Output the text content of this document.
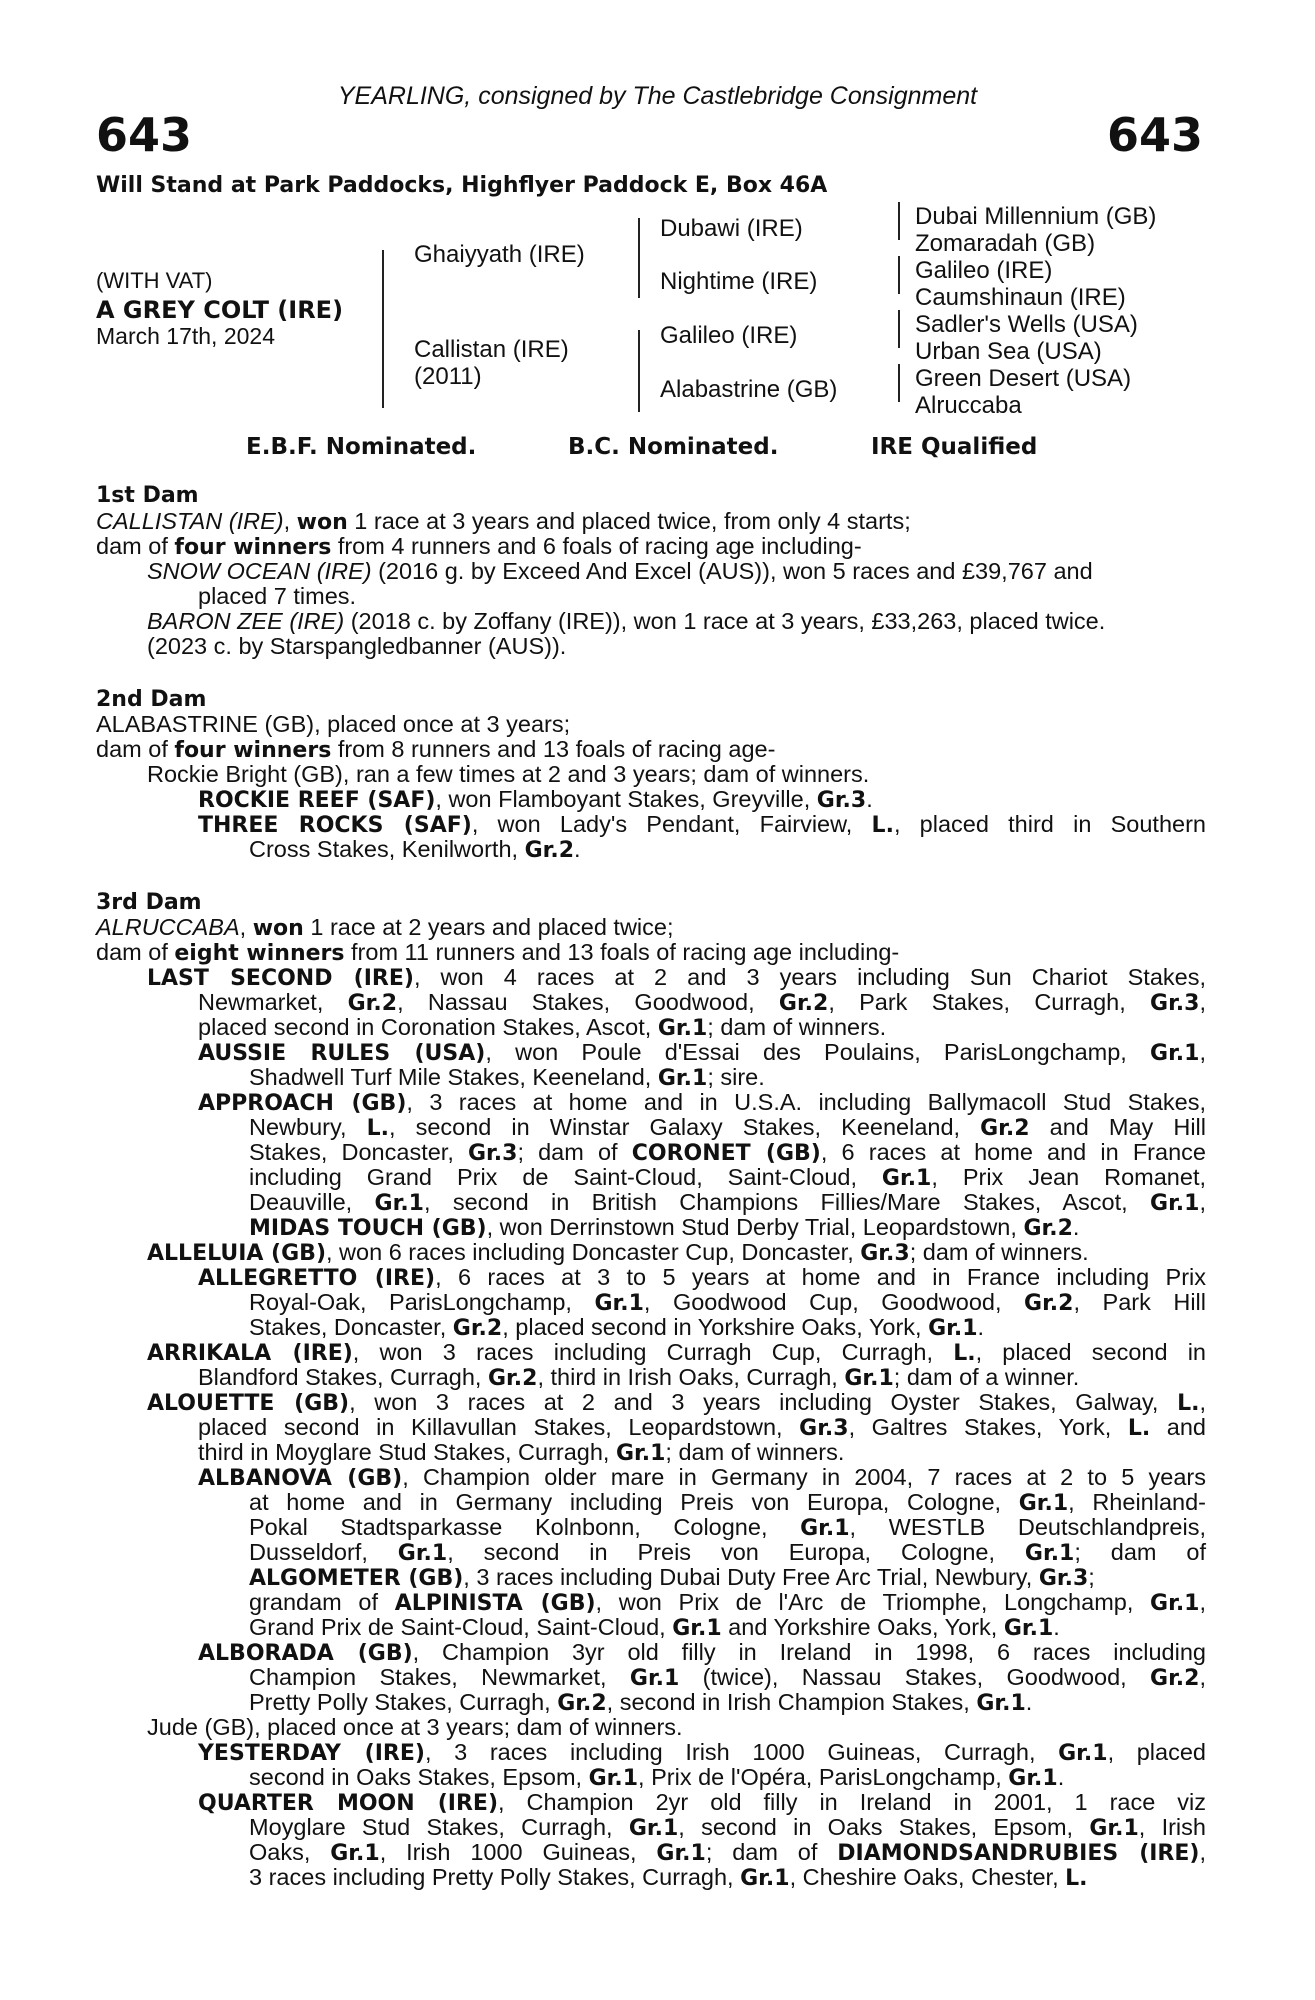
YEARLING, consigned by The Castlebridge Consignment
643	643
Will Stand at Park Paddocks, Highflyer Paddock E, Box 46A
(WITH VAT)
A GREY COLT (IRE)
March 17th, 2024
Ghaiyyath (IRE)
Callistan (IRE)
(2011)
Dubawi (IRE)
Nightime (IRE)
Galileo (IRE)
Alabastrine (GB)
Dubai Millennium (GB)
Zomaradah (GB)
Galileo (IRE)
Caumshinaun (IRE)
Sadler's Wells (USA)
Urban Sea (USA)
Green Desert (USA)
Alruccaba
E.B.F. Nominated.	B.C. Nominated.	IRE Qualified
1st Dam
CALLISTAN (IRE), won 1 race at 3 years and placed twice, from only 4 starts;
dam of four winners from 4 runners and 6 foals of racing age including-
SNOW OCEAN (IRE) (2016 g. by Exceed And Excel (AUS)), won 5 races and £39,767 and
placed 7 times.
BARON ZEE (IRE) (2018 c. by Zoffany (IRE)), won 1 race at 3 years, £33,263, placed twice.
(2023 c. by Starspangledbanner (AUS)).
2nd Dam
ALABASTRINE (GB), placed once at 3 years;
dam of four winners from 8 runners and 13 foals of racing age-
Rockie Bright (GB), ran a few times at 2 and 3 years; dam of winners.
ROCKIE REEF (SAF), won Flamboyant Stakes, Greyville, Gr.3.
THREE ROCKS (SAF), won Lady's Pendant, Fairview, L., placed third in Southern
Cross Stakes, Kenilworth, Gr.2.
3rd Dam
ALRUCCABA, won 1 race at 2 years and placed twice;
dam of eight winners from 11 runners and 13 foals of racing age including-
LAST SECOND (IRE), won 4 races at 2 and 3 years including Sun Chariot Stakes,
Newmarket, Gr.2, Nassau Stakes, Goodwood, Gr.2, Park Stakes, Curragh, Gr.3,
placed second in Coronation Stakes, Ascot, Gr.1; dam of winners.
AUSSIE RULES (USA), won Poule d'Essai des Poulains, ParisLongchamp, Gr.1,
Shadwell Turf Mile Stakes, Keeneland, Gr.1; sire.
APPROACH (GB), 3 races at home and in U.S.A. including Ballymacoll Stud Stakes,
Newbury, L., second in Winstar Galaxy Stakes, Keeneland, Gr.2 and May Hill
Stakes, Doncaster, Gr.3; dam of CORONET (GB), 6 races at home and in France
including Grand Prix de Saint-Cloud, Saint-Cloud, Gr.1, Prix Jean Romanet,
Deauville, Gr.1, second in British Champions Fillies/Mare Stakes, Ascot, Gr.1,
MIDAS TOUCH (GB), won Derrinstown Stud Derby Trial, Leopardstown, Gr.2.
ALLELUIA (GB), won 6 races including Doncaster Cup, Doncaster, Gr.3; dam of winners.
ALLEGRETTO (IRE), 6 races at 3 to 5 years at home and in France including Prix
Royal-Oak, ParisLongchamp, Gr.1, Goodwood Cup, Goodwood, Gr.2, Park Hill
Stakes, Doncaster, Gr.2, placed second in Yorkshire Oaks, York, Gr.1.
ARRIKALA (IRE), won 3 races including Curragh Cup, Curragh, L., placed second in
Blandford Stakes, Curragh, Gr.2, third in Irish Oaks, Curragh, Gr.1; dam of a winner.
ALOUETTE (GB), won 3 races at 2 and 3 years including Oyster Stakes, Galway, L.,
placed second in Killavullan Stakes, Leopardstown, Gr.3, Galtres Stakes, York, L. and
third in Moyglare Stud Stakes, Curragh, Gr.1; dam of winners.
ALBANOVA (GB), Champion older mare in Germany in 2004, 7 races at 2 to 5 years
at home and in Germany including Preis von Europa, Cologne, Gr.1, Rheinland-
Pokal Stadtsparkasse Kolnbonn, Cologne, Gr.1, WESTLB Deutschlandpreis,
Dusseldorf, Gr.1, second in Preis von Europa, Cologne, Gr.1; dam of
ALGOMETER (GB), 3 races including Dubai Duty Free Arc Trial, Newbury, Gr.3;
grandam of ALPINISTA (GB), won Prix de l'Arc de Triomphe, Longchamp, Gr.1,
Grand Prix de Saint-Cloud, Saint-Cloud, Gr.1 and Yorkshire Oaks, York, Gr.1.
ALBORADA (GB), Champion 3yr old filly in Ireland in 1998, 6 races including
Champion Stakes, Newmarket, Gr.1 (twice), Nassau Stakes, Goodwood, Gr.2,
Pretty Polly Stakes, Curragh, Gr.2, second in Irish Champion Stakes, Gr.1.
Jude (GB), placed once at 3 years; dam of winners.
YESTERDAY (IRE), 3 races including Irish 1000 Guineas, Curragh, Gr.1, placed
second in Oaks Stakes, Epsom, Gr.1, Prix de l'Opéra, ParisLongchamp, Gr.1.
QUARTER MOON (IRE), Champion 2yr old filly in Ireland in 2001, 1 race viz
Moyglare Stud Stakes, Curragh, Gr.1, second in Oaks Stakes, Epsom, Gr.1, Irish
Oaks, Gr.1, Irish 1000 Guineas, Gr.1; dam of DIAMONDSANDRUBIES (IRE),
3 races including Pretty Polly Stakes, Curragh, Gr.1, Cheshire Oaks, Chester, L.
